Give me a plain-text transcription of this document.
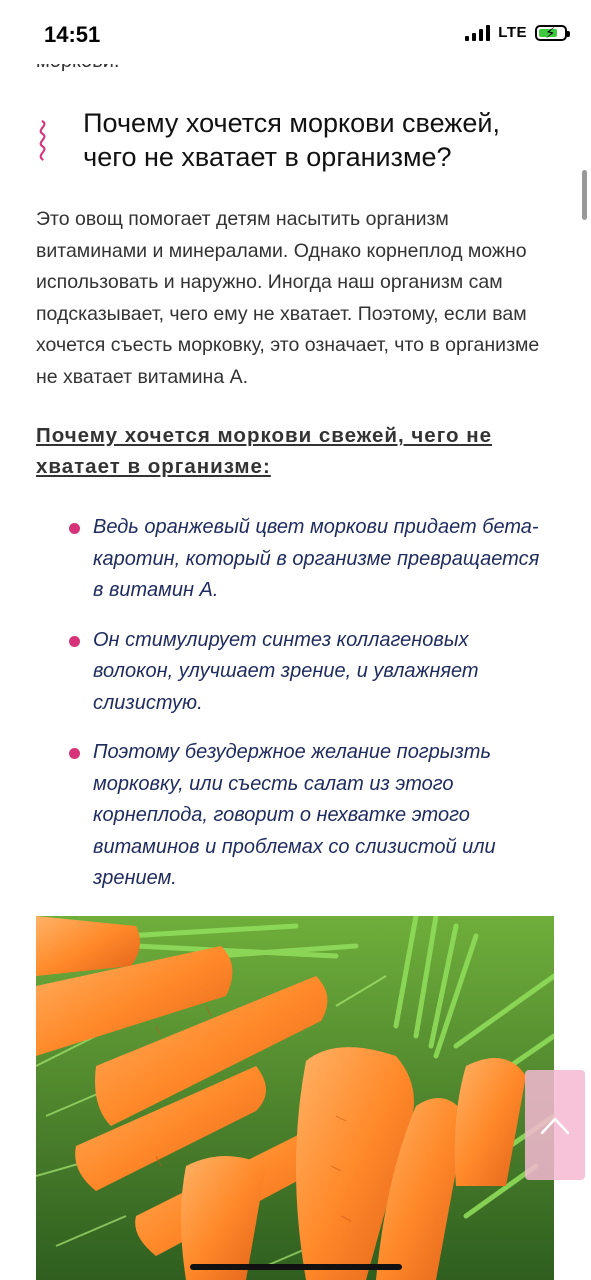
14:51	LTE ⚡
Почему хочется моркови свежей, чего не хватает в организме?

Это овощ помогает детям насытить организм витаминами и минералами. Однако корнеплод можно использовать и наружно. Иногда наш организм сам подсказывает, чего ему не хватает. Поэтому, если вам хочется съесть морковку, это означает, что в организме не хватает витамина А.

Почему хочется моркови свежей, чего не хватает в организме:

Ведь оранжевый цвет моркови придает бета-каротин, который в организме превращается в витамин А.
Он стимулирует синтез коллагеновых волокон, улучшает зрение, и увлажняет слизистую.
Поэтому безудержное желание погрызть морковку, или съесть салат из этого корнеплода, говорит о нехватке этого витаминов и проблемах со слизистой или зрением.
